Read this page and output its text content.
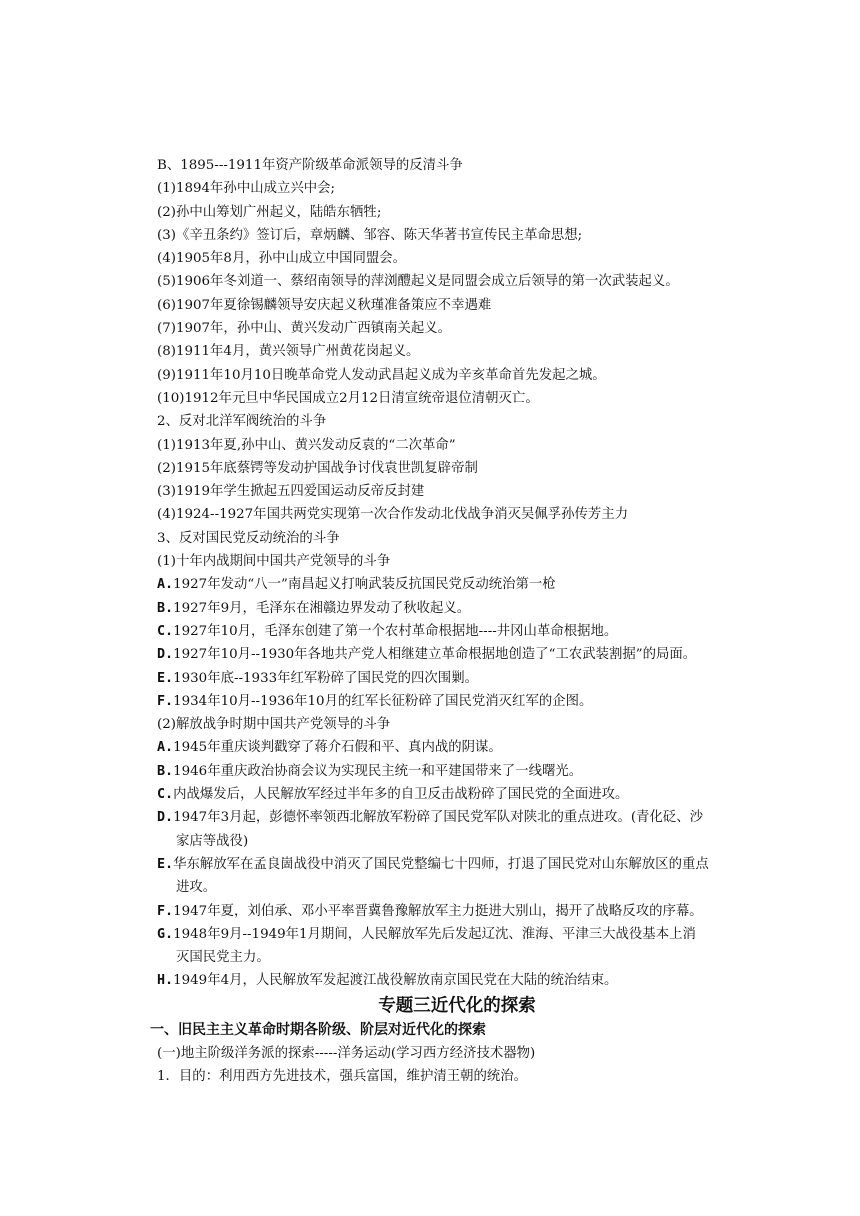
B、1895---1911年资产阶级革命派领导的反清斗争
(1)1894年孙中山成立兴中会;
(2)孙中山筹划广州起义，陆皓东牺牲;
(3)《辛丑条约》签订后，章炳麟、邹容、陈天华著书宣传民主革命思想;
(4)1905年8月，孙中山成立中国同盟会。
(5)1906年冬刘道一、蔡绍南领导的萍浏醴起义是同盟会成立后领导的第一次武装起义。
(6)1907年夏徐锡麟领导安庆起义秋瑾准备策应不幸遇难
(7)1907年，孙中山、黄兴发动广西镇南关起义。
(8)1911年4月，黄兴领导广州黄花岗起义。
(9)1911年10月10日晚革命党人发动武昌起义成为辛亥革命首先发起之城。
(10)1912年元旦中华民国成立2月12日清宣统帝退位清朝灭亡。
2、反对北洋军阀统治的斗争
(1)1913年夏,孙中山、黄兴发动反袁的“二次革命”
(2)1915年底蔡锷等发动护国战争讨伐袁世凯复辟帝制
(3)1919年学生掀起五四爱国运动反帝反封建
(4)1924--1927年国共两党实现第一次合作发动北伐战争消灭吴佩孚孙传芳主力
3、反对国民党反动统治的斗争
(1)十年内战期间中国共产党领导的斗争
A.1927年发动“八一”南昌起义打响武装反抗国民党反动统治第一枪
B.1927年9月，毛泽东在湘赣边界发动了秋收起义。
C.1927年10月，毛泽东创建了第一个农村革命根据地----井冈山革命根据地。
D.1927年10月--1930年各地共产党人相继建立革命根据地创造了“工农武装割据”的局面。
E.1930年底--1933年红军粉碎了国民党的四次围剿。
F.1934年10月--1936年10月的红军长征粉碎了国民党消灭红军的企图。
(2)解放战争时期中国共产党领导的斗争
A.1945年重庆谈判戳穿了蒋介石假和平、真内战的阴谋。
B.1946年重庆政治协商会议为实现民主统一和平建国带来了一线曙光。
C.内战爆发后，人民解放军经过半年多的自卫反击战粉碎了国民党的全面进攻。
D.1947年3月起，彭德怀率领西北解放军粉碎了国民党军队对陕北的重点进攻。(青化砭、沙
家店等战役)
E.华东解放军在孟良崮战役中消灭了国民党整编七十四师，打退了国民党对山东解放区的重点
进攻。
F.1947年夏，刘伯承、邓小平率晋冀鲁豫解放军主力挺进大别山，揭开了战略反攻的序幕。
G.1948年9月--1949年1月期间，人民解放军先后发起辽沈、淮海、平津三大战役基本上消
灭国民党主力。
H.1949年4月，人民解放军发起渡江战役解放南京国民党在大陆的统治结束。
专题三近代化的探索
一、旧民主主义革命时期各阶级、阶层对近代化的探索
(一)地主阶级洋务派的探索-----洋务运动(学习西方经济技术器物)
1．目的：利用西方先进技术，强兵富国，维护清王朝的统治。
